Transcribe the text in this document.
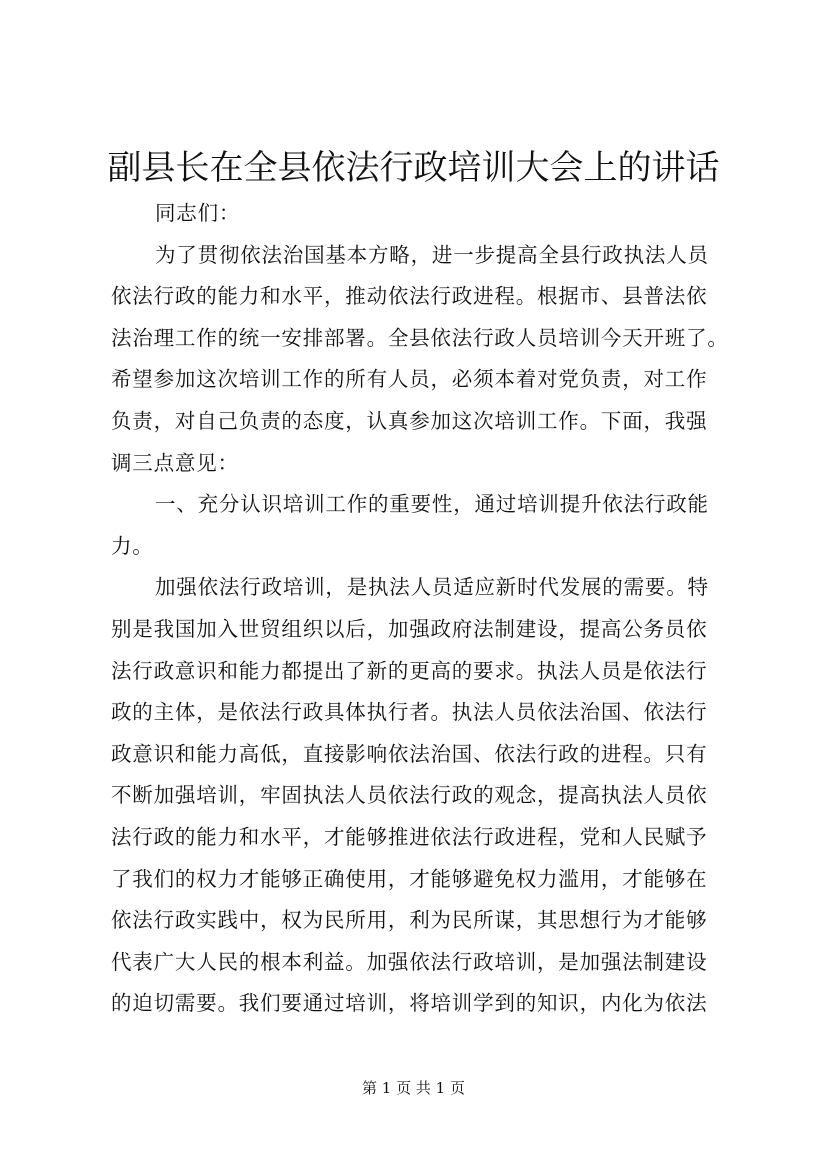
副县长在全县依法行政培训大会上的讲话
同志们：
为了贯彻依法治国基本方略，进一步提高全县行政执法人员
依法行政的能力和水平，推动依法行政进程。根据市、县普法依
法治理工作的统一安排部署。全县依法行政人员培训今天开班了。
希望参加这次培训工作的所有人员，必须本着对党负责，对工作
负责，对自己负责的态度，认真参加这次培训工作。下面，我强
调三点意见：
一、充分认识培训工作的重要性，通过培训提升依法行政能
力。
加强依法行政培训，是执法人员适应新时代发展的需要。特
别是我国加入世贸组织以后，加强政府法制建设，提高公务员依
法行政意识和能力都提出了新的更高的要求。执法人员是依法行
政的主体，是依法行政具体执行者。执法人员依法治国、依法行
政意识和能力高低，直接影响依法治国、依法行政的进程。只有
不断加强培训，牢固执法人员依法行政的观念，提高执法人员依
法行政的能力和水平，才能够推进依法行政进程，党和人民赋予
了我们的权力才能够正确使用，才能够避免权力滥用，才能够在
依法行政实践中，权为民所用，利为民所谋，其思想行为才能够
代表广大人民的根本利益。加强依法行政培训，是加强法制建设
的迫切需要。我们要通过培训，将培训学到的知识，内化为依法
第 1 页 共 1 页
